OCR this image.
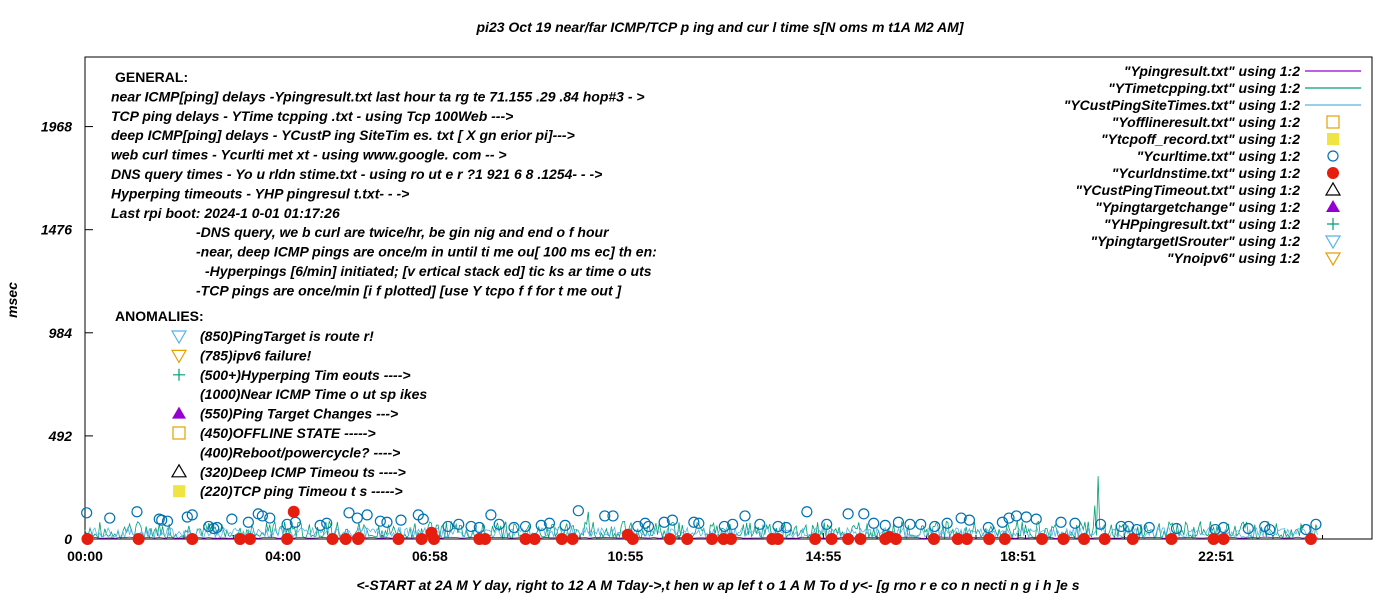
pi23 Oct 19 near/far ICMP/TCP p ing and cur l time s[N oms m t1A M2 AM]
msec
<-START at 2A M Y day, right to 12 A M Tday->,t hen w ap lef t o 1 A M To d y<- [g rno r e co n necti n g i h ]e s
0
492
984
1476
1968
00:00	04:00	06:58	10:55	14:55	18:51	22:51
GENERAL:
near ICMP[ping] delays -Ypingresult.txt last hour ta rg te 71.155 .29 .84 hop#3 - >
TCP ping delays - YTime tcpping .txt - using Tcp 100Web --->
deep ICMP[ping] delays - YCustP ing SiteTim es. txt [ X gn erior pi]--->
web curl times - Ycurlti met xt - using www.google. com -- >
DNS query times - Yo u rldn stime.txt - using ro ut e r ?1 921 6 8 .1254- - ->
Hyperping timeouts - YHP pingresul t.txt- - ->
Last rpi boot: 2024-1 0-01 01:17:26
-DNS query, we b curl are twice/hr, be gin nig and end o f hour
-near, deep ICMP pings are once/m in until ti me ou[ 100 ms ec] th en:
-Hyperpings [6/min] initiated; [v ertical stack ed] tic ks ar time o uts
-TCP pings are once/min [i f plotted] [use Y tcpo f f for t me out ]
ANOMALIES:
(850)PingTarget is route r!
(785)ipv6 failure!
(500+)Hyperping Tim eouts ---->
(1000)Near ICMP Time o ut sp ikes
(550)Ping Target Changes --->
(450)OFFLINE STATE ----->
(400)Reboot/powercycle? ---->
(320)Deep ICMP Timeou ts ---->
(220)TCP ping Timeou t s ----->
"Ypingresult.txt" using 1:2
"YTimetcpping.txt" using 1:2
"YCustPingSiteTimes.txt" using 1:2
"Yofflineresult.txt" using 1:2
"Ytcpoff_record.txt" using 1:2
"Ycurltime.txt" using 1:2
"Ycurldnstime.txt" using 1:2
"YCustPingTimeout.txt" using 1:2
"Ypingtargetchange" using 1:2
"YHPpingresult.txt" using 1:2
"YpingtargetISrouter" using 1:2
"Ynoipv6" using 1:2
